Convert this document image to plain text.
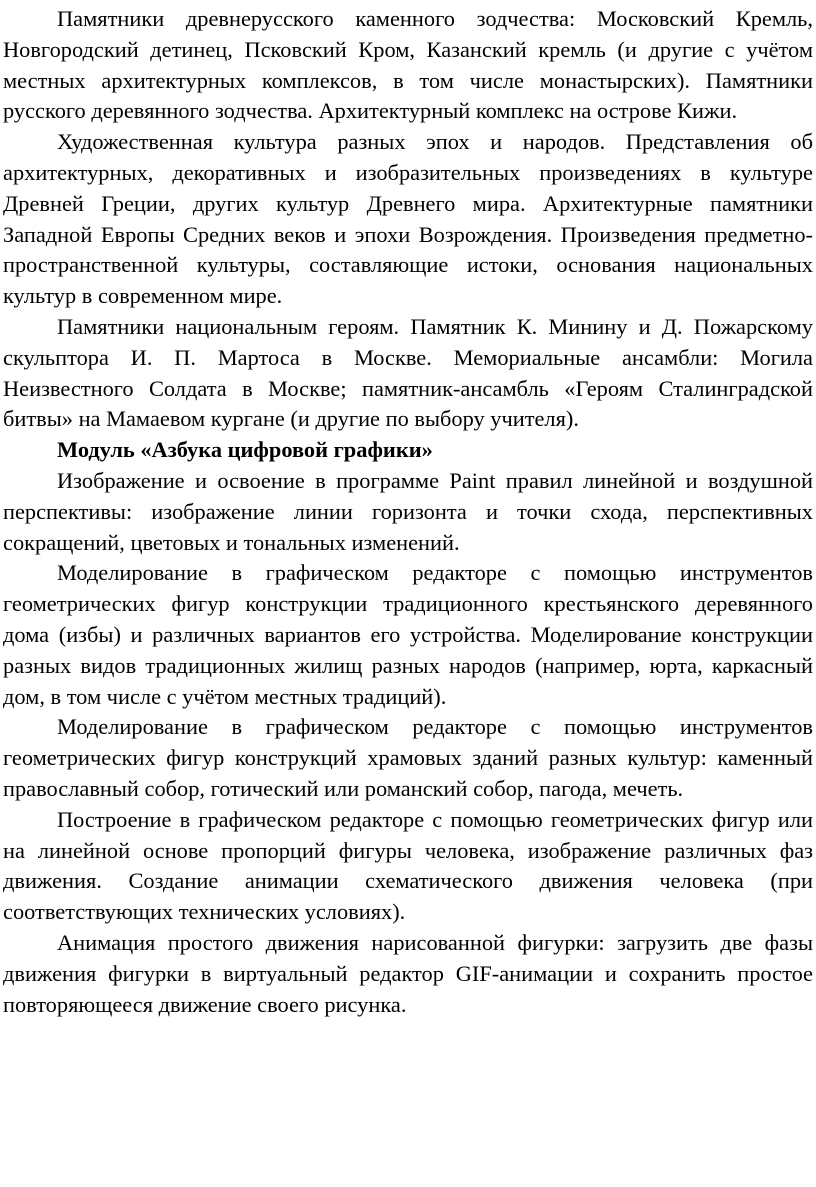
Памятники древнерусского каменного зодчества: Московский Кремль, Новгородский детинец, Псковский Кром, Казанский кремль (и другие с учётом местных архитектурных комплексов, в том числе монастырских). Памятники русского деревянного зодчества. Архитектурный комплекс на острове Кижи.

Художественная культура разных эпох и народов. Представления об архитектурных, декоративных и изобразительных произведениях в культуре Древней Греции, других культур Древнего мира. Архитектурные памятники Западной Европы Средних веков и эпохи Возрождения. Произведения предметно-пространственной культуры, составляющие истоки, основания национальных культур в современном мире.

Памятники национальным героям. Памятник К. Минину и Д. Пожарскому скульптора И. П. Мартоса в Москве. Мемориальные ансамбли: Могила Неизвестного Солдата в Москве; памятник-ансамбль «Героям Сталинградской битвы» на Мамаевом кургане (и другие по выбору учителя).

Модуль «Азбука цифровой графики»

Изображение и освоение в программе Paint правил линейной и воздушной перспективы: изображение линии горизонта и точки схода, перспективных сокращений, цветовых и тональных изменений.

Моделирование в графическом редакторе с помощью инструментов геометрических фигур конструкции традиционного крестьянского деревянного дома (избы) и различных вариантов его устройства. Моделирование конструкции разных видов традиционных жилищ разных народов (например, юрта, каркасный дом, в том числе с учётом местных традиций).

Моделирование в графическом редакторе с помощью инструментов геометрических фигур конструкций храмовых зданий разных культур: каменный православный собор, готический или романский собор, пагода, мечеть.

Построение в графическом редакторе с помощью геометрических фигур или на линейной основе пропорций фигуры человека, изображение различных фаз движения. Создание анимации схематического движения человека (при соответствующих технических условиях).

Анимация простого движения нарисованной фигурки: загрузить две фазы движения фигурки в виртуальный редактор GIF-анимации и сохранить простое повторяющееся движение своего рисунка.
